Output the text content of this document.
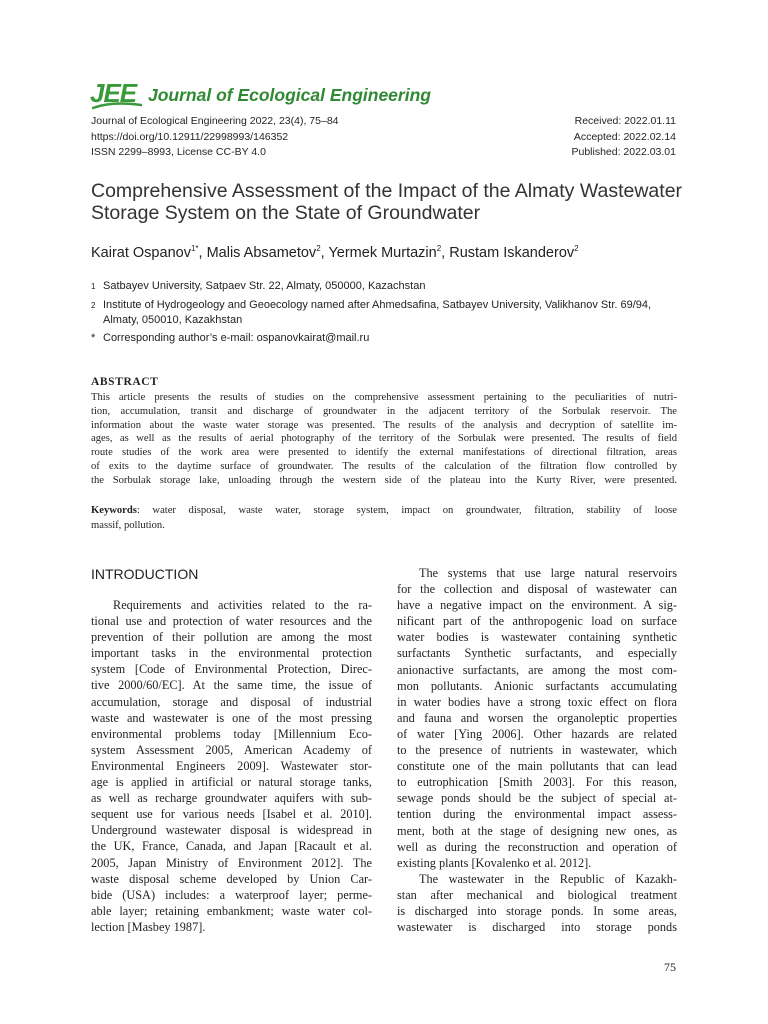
JEE Journal of Ecological Engineering
Journal of Ecological Engineering 2022, 23(4), 75–84
https://doi.org/10.12911/22998993/146352
ISSN 2299–8993, License CC-BY 4.0
Received: 2022.01.11
Accepted: 2022.02.14
Published: 2022.03.01
Comprehensive Assessment of the Impact of the Almaty Wastewater Storage System on the State of Groundwater
Kairat Ospanov$^{1*}$, Malis Absametov$^2$, Yermek Murtazin$^2$, Rustam Iskanderov$^2$
1 Satbayev University, Satpaev Str. 22, Almaty, 050000, Kazachstan
2 Institute of Hydrogeology and Geoecology named after Ahmedsafina, Satbayev University, Valikhanov Str. 69/94, Almaty, 050010, Kazakhstan
* Corresponding author’s e-mail: ospanovkairat@mail.ru
ABSTRACT
This article presents the results of studies on the comprehensive assessment pertaining to the peculiarities of nutri-
tion, accumulation, transit and discharge of groundwater in the adjacent territory of the Sorbulak reservoir. The
information about the waste water storage was presented. The results of the analysis and decryption of satellite im-
ages, as well as the results of aerial photography of the territory of the Sorbulak were presented. The results of field
route studies of the work area were presented to identify the external manifestations of directional filtration, areas
of exits to the daytime surface of groundwater. The results of the calculation of the filtration flow controlled by
the Sorbulak storage lake, unloading through the western side of the plateau into the Kurty River, were presented.
Keywords: water disposal, waste water, storage system, impact on groundwater, filtration, stability of loose
massif, pollution.
INTRODUCTION
Requirements and activities related to the ra-
tional use and protection of water resources and the
prevention of their pollution are among the most
important tasks in the environmental protection
system [Code of Environmental Protection, Direc-
tive 2000/60/EC]. At the same time, the issue of
accumulation, storage and disposal of industrial
waste and wastewater is one of the most pressing
environmental problems today [Millennium Eco-
system Assessment 2005, American Academy of
Environmental Engineers 2009]. Wastewater stor-
age is applied in artificial or natural storage tanks,
as well as recharge groundwater aquifers with sub-
sequent use for various needs [Isabel et al. 2010].
Underground wastewater disposal is widespread in
the UK, France, Canada, and Japan [Racault et al.
2005, Japan Ministry of Environment 2012]. The
waste disposal scheme developed by Union Car-
bide (USA) includes: a waterproof layer; perme-
able layer; retaining embankment; waste water col-
lection [Masbey 1987].
The systems that use large natural reservoirs
for the collection and disposal of wastewater can
have a negative impact on the environment. A sig-
nificant part of the anthropogenic load on surface
water bodies is wastewater containing synthetic
surfactants Synthetic surfactants, and especially
anionactive surfactants, are among the most com-
mon pollutants. Anionic surfactants accumulating
in water bodies have a strong toxic effect on flora
and fauna and worsen the organoleptic properties
of water [Ying 2006]. Other hazards are related
to the presence of nutrients in wastewater, which
constitute one of the main pollutants that can lead
to eutrophication [Smith 2003]. For this reason,
sewage ponds should be the subject of special at-
tention during the environmental impact assess-
ment, both at the stage of designing new ones, as
well as during the reconstruction and operation of
existing plants [Kovalenko et al. 2012].
The wastewater in the Republic of Kazakh-
stan after mechanical and biological treatment
is discharged into storage ponds. In some areas,
wastewater is discharged into storage ponds
75
